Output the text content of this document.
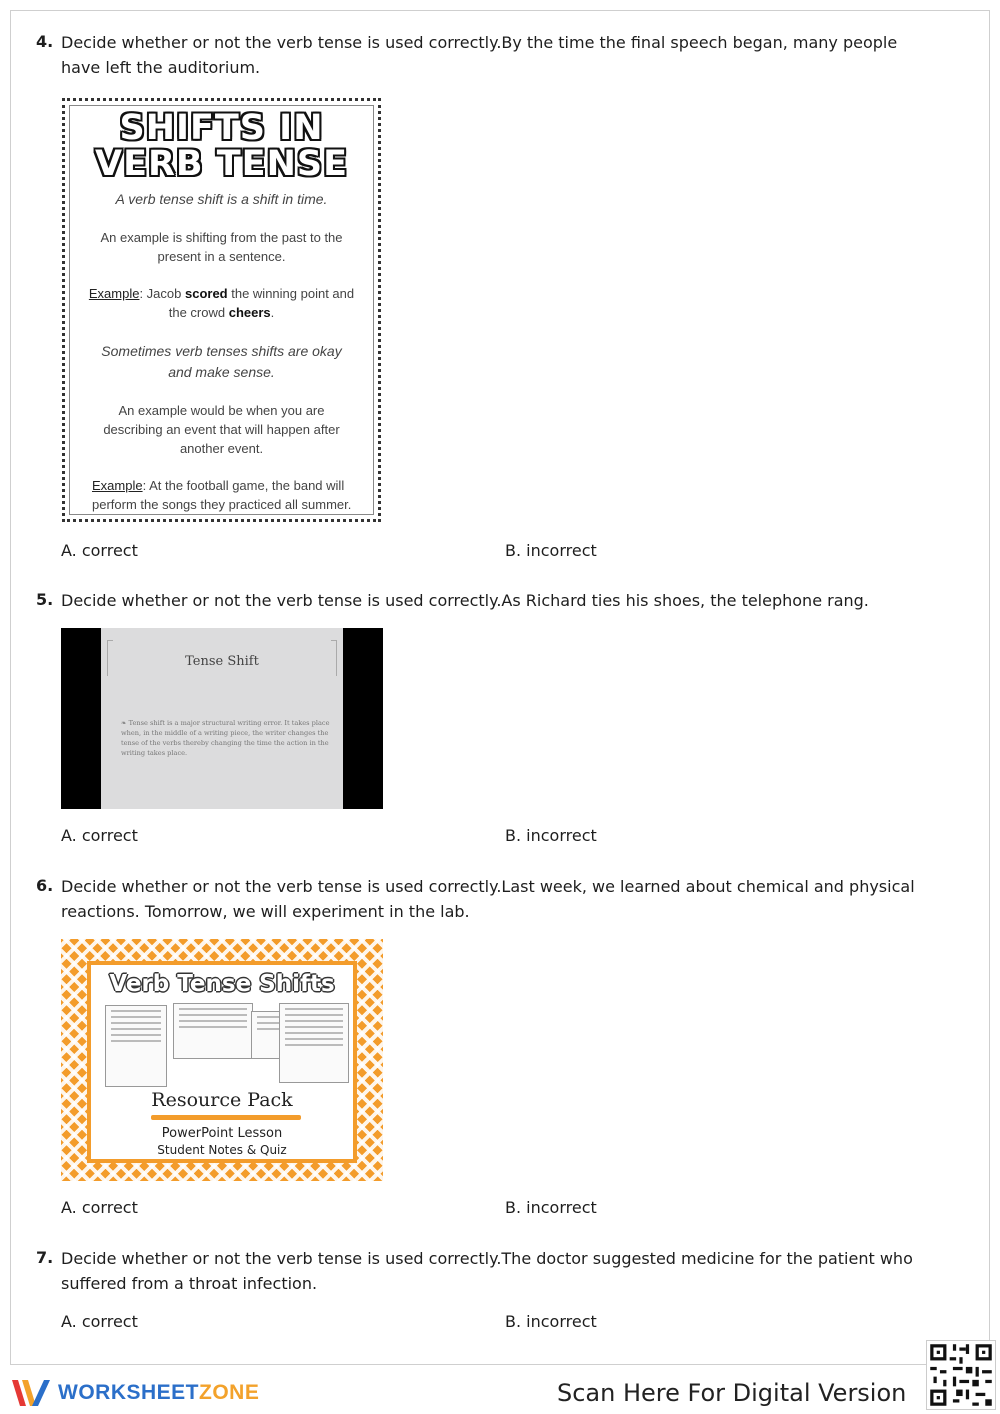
4. Decide whether or not the verb tense is used correctly.By the time the final speech began, many people have left the auditorium.
SHIFTS IN
VERB TENSE
A verb tense shift is a shift in time.
An example is shifting from the past to the
present in a sentence.
Example: Jacob scored the winning point and
the crowd cheers.
Sometimes verb tenses shifts are okay
and make sense.
An example would be when you are
describing an event that will happen after
another event.
Example: At the football game, the band will
perform the songs they practiced all summer.
A. correct	B. incorrect
5. Decide whether or not the verb tense is used correctly.As Richard ties his shoes, the telephone rang.
Tense Shift
❧ Tense shift is a major structural writing error. It takes place when, in the middle of a writing piece, the writer changes the tense of the verbs thereby changing the time the action in the writing takes place.
A. correct	B. incorrect
6. Decide whether or not the verb tense is used correctly.Last week, we learned about chemical and physical reactions. Tomorrow, we will experiment in the lab.
Verb Tense Shifts
Resource Pack
PowerPoint Lesson
Student Notes & Quiz
A. correct	B. incorrect
7. Decide whether or not the verb tense is used correctly.The doctor suggested medicine for the patient who suffered from a throat infection.
A. correct	B. incorrect
WORKSHEETZONE	Scan Here For Digital Version
